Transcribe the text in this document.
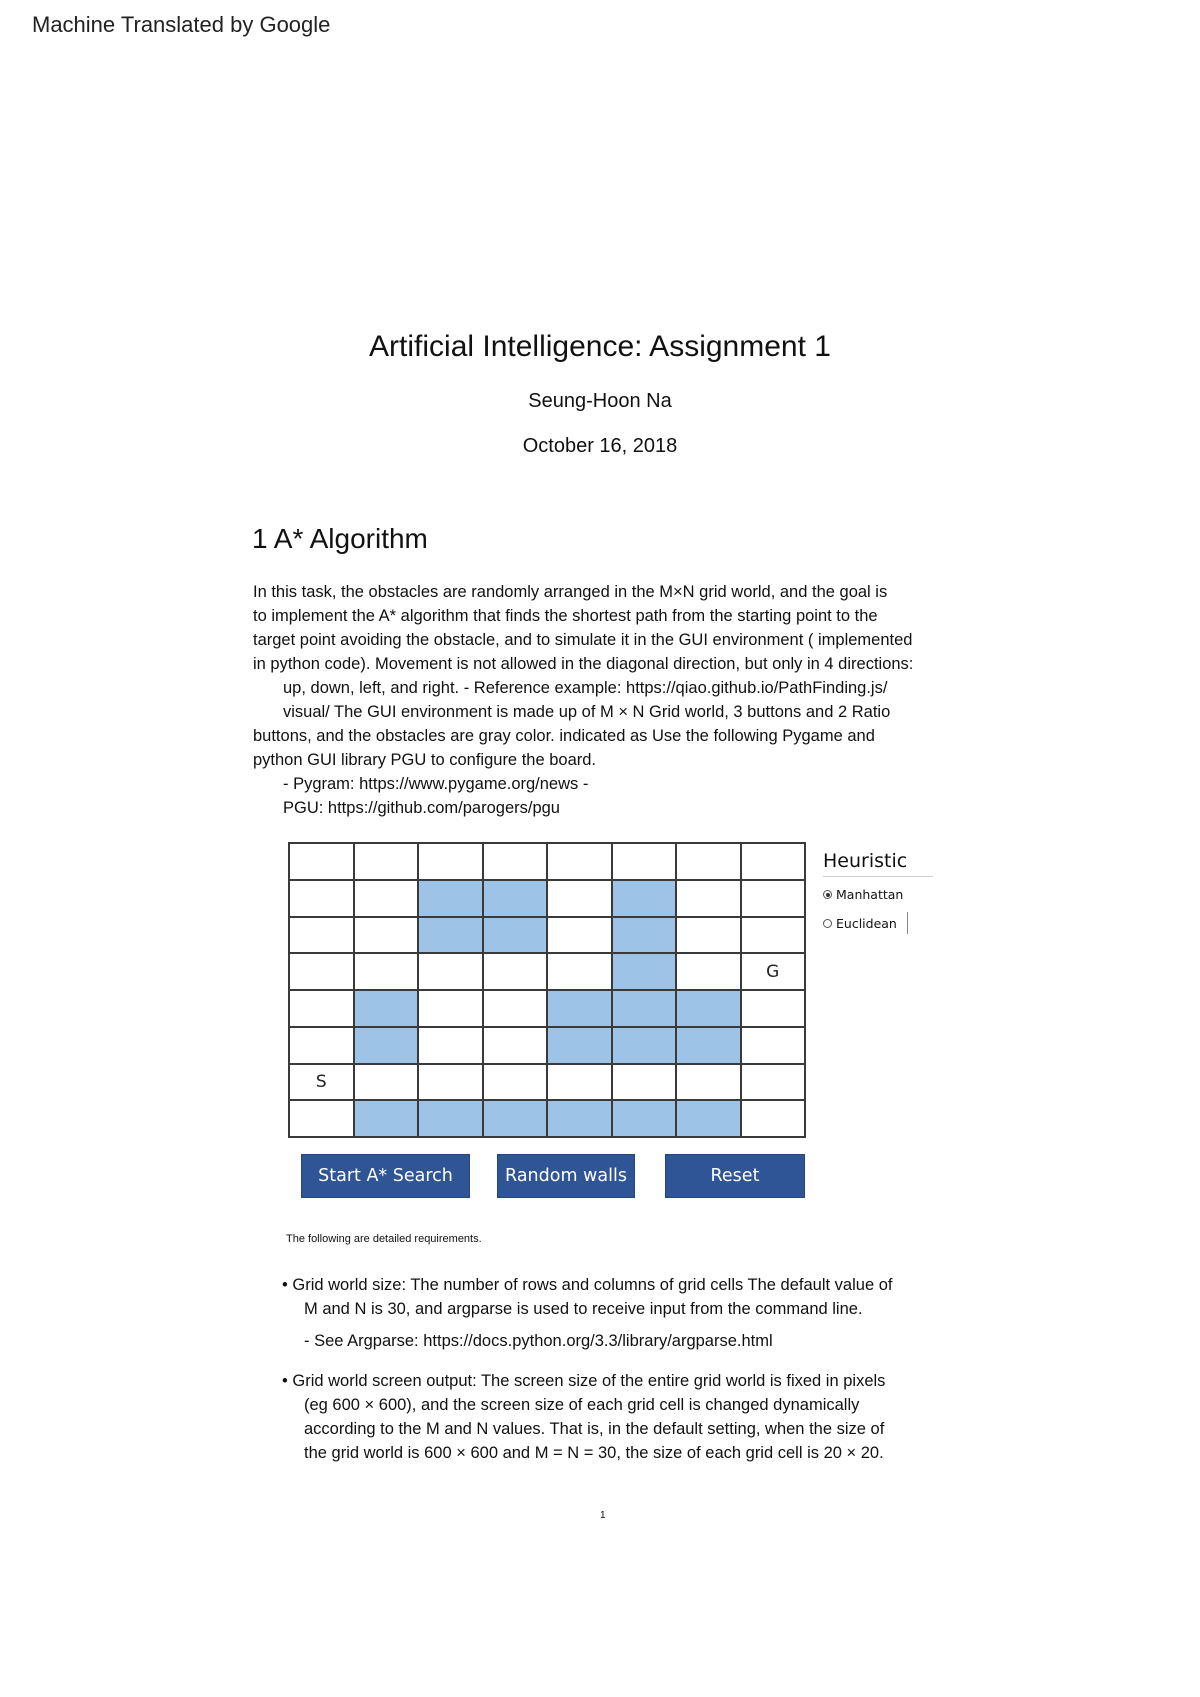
Machine Translated by Google
Artificial Intelligence: Assignment 1
Seung-Hoon Na
October 16, 2018
1 A* Algorithm
In this task, the obstacles are randomly arranged in the M×N grid world, and the goal is
to implement the A* algorithm that finds the shortest path from the starting point to the
target point avoiding the obstacle, and to simulate it in the GUI environment ( implemented
in python code). Movement is not allowed in the diagonal direction, but only in 4 directions:
up, down, left, and right. - Reference example: https://qiao.github.io/PathFinding.js/
visual/ The GUI environment is made up of M × N Grid world, 3 buttons and 2 Ratio
buttons, and the obstacles are gray color. indicated as Use the following Pygame and
python GUI library PGU to configure the board.
- Pygram: https://www.pygame.org/news -
PGU: https://github.com/parogers/pgu
G
S
Heuristic
Manhattan
Euclidean
Start A* Search	Random walls	Reset
The following are detailed requirements.
• Grid world size: The number of rows and columns of grid cells The default value of
M and N is 30, and argparse is used to receive input from the command line.
- See Argparse: https://docs.python.org/3.3/library/argparse.html
• Grid world screen output: The screen size of the entire grid world is fixed in pixels
(eg 600 × 600), and the screen size of each grid cell is changed dynamically
according to the M and N values. That is, in the default setting, when the size of
the grid world is 600 × 600 and M = N = 30, the size of each grid cell is 20 × 20.
1
